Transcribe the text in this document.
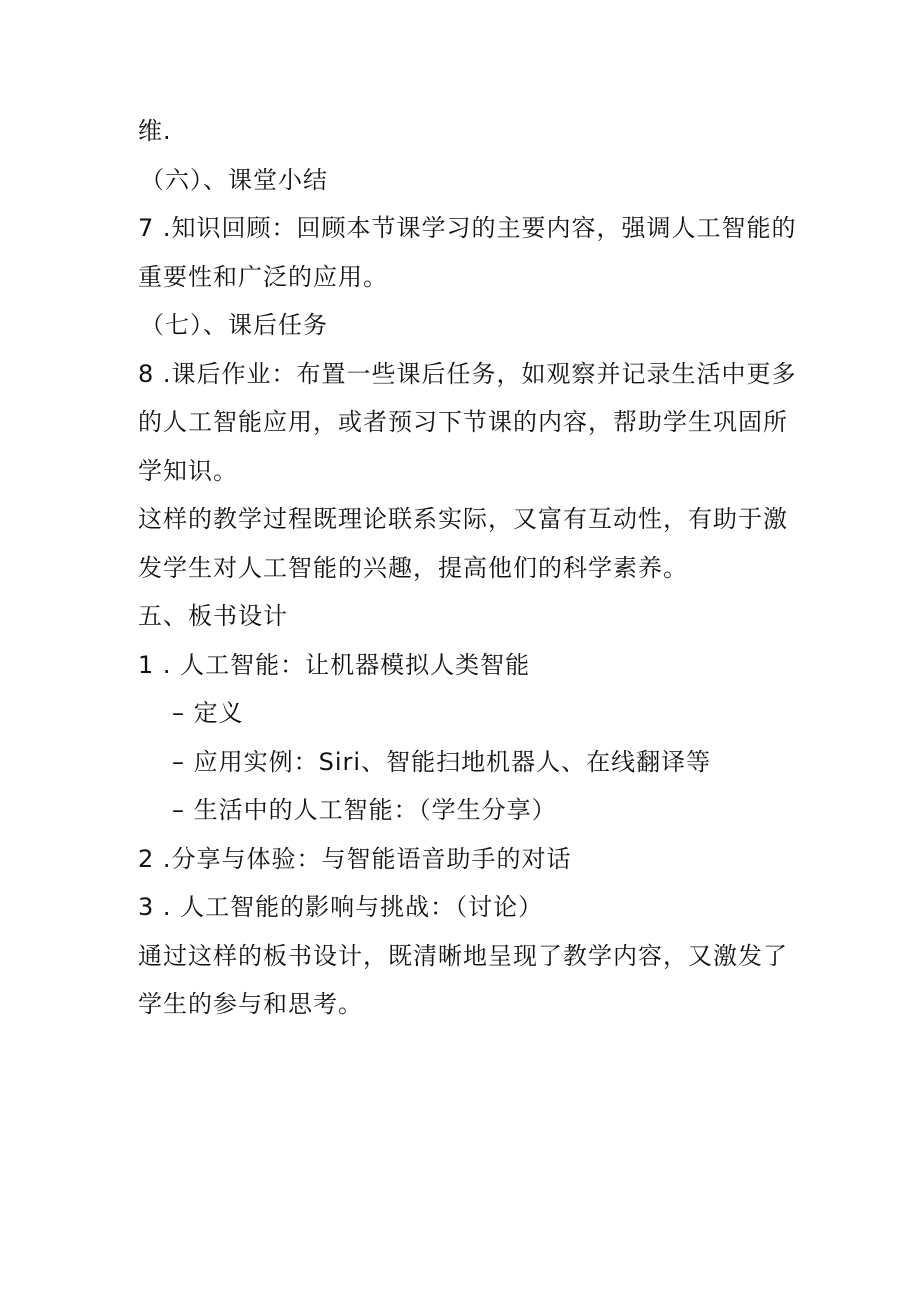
维.
（六）、课堂小结
7 .知识回顾：回顾本节课学习的主要内容，强调人工智能的
重要性和广泛的应用。
（七）、课后任务
8 .课后作业：布置一些课后任务，如观察并记录生活中更多
的人工智能应用，或者预习下节课的内容，帮助学生巩固所
学知识。
这样的教学过程既理论联系实际，又富有互动性，有助于激
发学生对人工智能的兴趣，提高他们的科学素养。
五、板书设计
1 . 人工智能：让机器模拟人类智能
– 定义
– 应用实例：Siri、智能扫地机器人、在线翻译等
– 生活中的人工智能：（学生分享）
2 .分享与体验：与智能语音助手的对话
3 . 人工智能的影响与挑战：（讨论）
通过这样的板书设计，既清晰地呈现了教学内容，又激发了
学生的参与和思考。
